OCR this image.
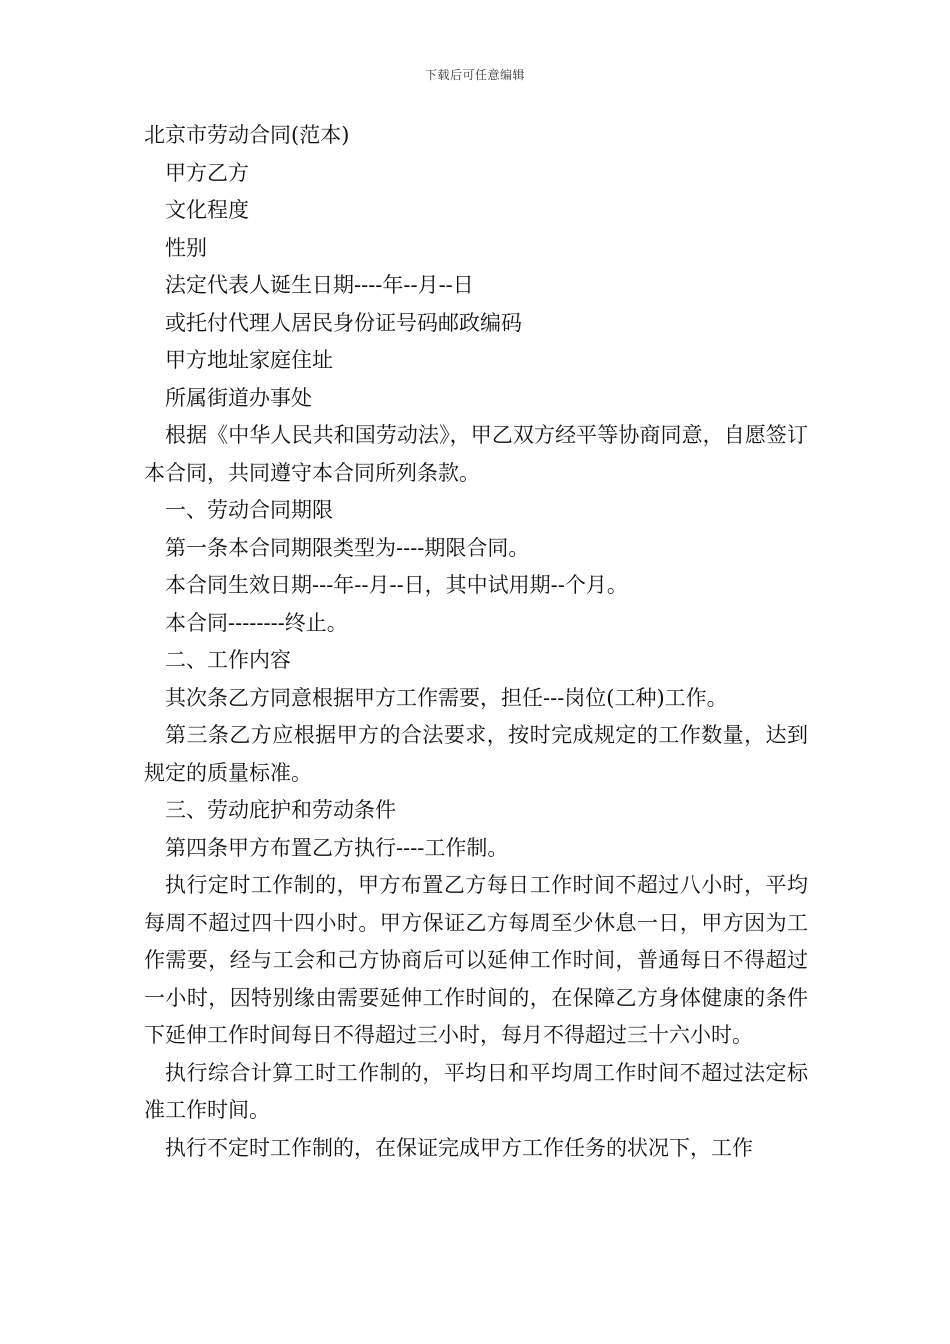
下载后可任意编辑

北京市劳动合同(范本)

甲方乙方

文化程度

性别

法定代表人诞生日期----年--月--日

或托付代理人居民身份证号码邮政编码

甲方地址家庭住址

所属街道办事处

根据《中华人民共和国劳动法》，甲乙双方经平等协商同意，自愿签订本合同，共同遵守本合同所列条款。

一、劳动合同期限

第一条本合同期限类型为----期限合同。

本合同生效日期---年--月--日，其中试用期--个月。

本合同--------终止。

二、工作内容

其次条乙方同意根据甲方工作需要，担任---岗位(工种)工作。

第三条乙方应根据甲方的合法要求，按时完成规定的工作数量，达到规定的质量标准。

三、劳动庇护和劳动条件

第四条甲方布置乙方执行----工作制。

执行定时工作制的，甲方布置乙方每日工作时间不超过八小时，平均每周不超过四十四小时。甲方保证乙方每周至少休息一日，甲方因为工作需要，经与工会和己方协商后可以延伸工作时间，普通每日不得超过一小时，因特别缘由需要延伸工作时间的，在保障乙方身体健康的条件下延伸工作时间每日不得超过三小时，每月不得超过三十六小时。

执行综合计算工时工作制的，平均日和平均周工作时间不超过法定标准工作时间。

执行不定时工作制的，在保证完成甲方工作任务的状况下，工作
